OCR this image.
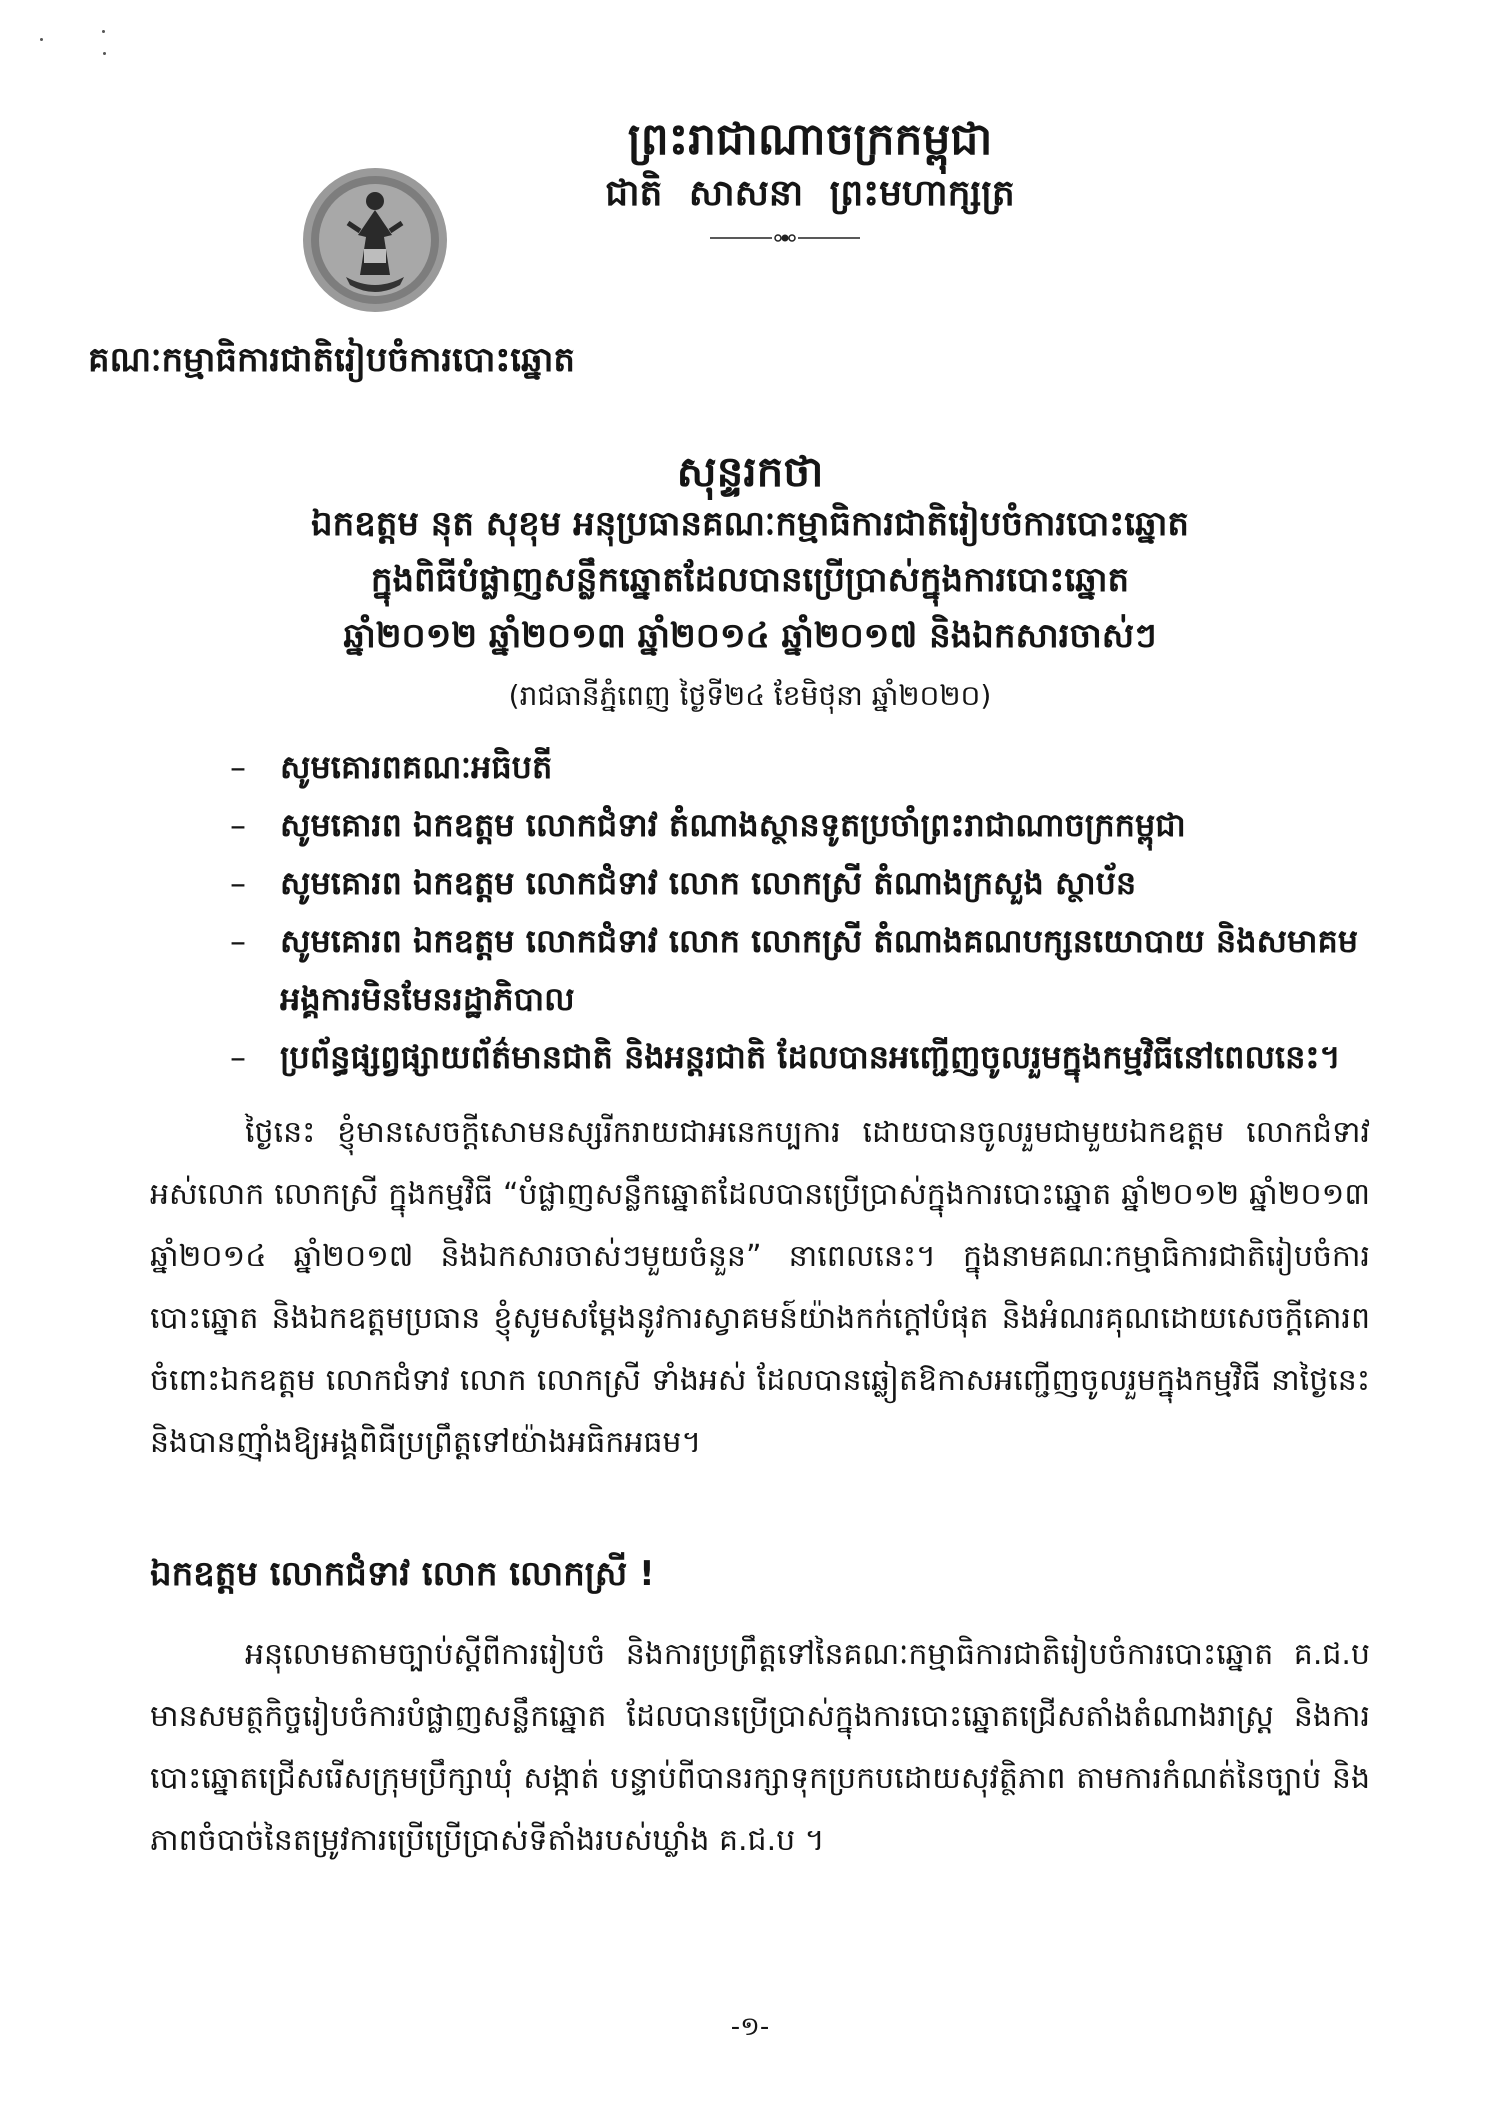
ព្រះរាជាណាចក្រកម្ពុជា
ជាតិ សាសនា ព្រះមហាក្សត្រ
គណៈកម្មាធិការជាតិរៀបចំការបោះឆ្នោត
សុន្ទរកថា
ឯកឧត្តម នុត សុខុម អនុប្រធានគណៈកម្មាធិការជាតិរៀបចំការបោះឆ្នោត
ក្នុងពិធីបំផ្លាញសន្លឹកឆ្នោតដែលបានប្រើប្រាស់ក្នុងការបោះឆ្នោត
ឆ្នាំ២០១២ ឆ្នាំ២០១៣ ឆ្នាំ២០១៤ ឆ្នាំ២០១៧ និងឯកសារចាស់ៗ
(រាជធានីភ្នំពេញ ថ្ងៃទី២៤ ខែមិថុនា ឆ្នាំ២០២០)
– សូមគោរពគណៈអធិបតី
– សូមគោរព ឯកឧត្តម លោកជំទាវ តំណាងស្ថានទូតប្រចាំព្រះរាជាណាចក្រកម្ពុជា
– សូមគោរព ឯកឧត្តម លោកជំទាវ លោក លោកស្រី តំណាងក្រសួង ស្ថាប័ន
– សូមគោរព ឯកឧត្តម លោកជំទាវ លោក លោកស្រី តំណាងគណបក្សនយោបាយ និងសមាគម អង្គការមិនមែនរដ្ឋាភិបាល
– ប្រព័ន្ធផ្សព្វផ្សាយព័ត៌មានជាតិ និងអន្តរជាតិ ដែលបានអញ្ជើញចូលរួមក្នុងកម្មវិធីនៅពេលនេះ។

ថ្ងៃនេះ ខ្ញុំមានសេចក្តីសោមនស្សរីករាយជាអនេកប្បការ ដោយបានចូលរួមជាមួយឯកឧត្តម លោកជំទាវ អស់លោក លោកស្រី ក្នុងកម្មវិធី “បំផ្លាញសន្លឹកឆ្នោតដែលបានប្រើប្រាស់ក្នុងការបោះឆ្នោត ឆ្នាំ២០១២ ឆ្នាំ២០១៣ ឆ្នាំ២០១៤ ឆ្នាំ២០១៧ និងឯកសារចាស់ៗមួយចំនួន” នាពេលនេះ។ ក្នុងនាមគណៈកម្មាធិការជាតិរៀបចំការបោះឆ្នោត និងឯកឧត្តមប្រធាន ខ្ញុំសូមសម្តែងនូវការស្វាគមន៍យ៉ាងកក់ក្តៅបំផុត និងអំណរគុណដោយសេចក្តីគោរព ចំពោះឯកឧត្តម លោកជំទាវ លោក លោកស្រី ទាំងអស់ ដែលបានឆ្លៀតឱកាសអញ្ជើញចូលរួមក្នុងកម្មវិធី នាថ្ងៃនេះ និងបានញ៉ាំងឱ្យអង្គពិធីប្រព្រឹត្តទៅយ៉ាងអធិកអធម។

ឯកឧត្តម លោកជំទាវ លោក លោកស្រី !

អនុលោមតាមច្បាប់ស្តីពីការរៀបចំ និងការប្រព្រឹត្តទៅនៃគណៈកម្មាធិការជាតិរៀបចំការបោះឆ្នោត គ.ជ.ប មានសមត្ថកិច្ចរៀបចំការបំផ្លាញសន្លឹកឆ្នោត ដែលបានប្រើប្រាស់ក្នុងការបោះឆ្នោតជ្រើសតាំងតំណាងរាស្ត្រ និងការបោះឆ្នោតជ្រើសរើសក្រុមប្រឹក្សាឃុំ សង្កាត់ បន្ទាប់ពីបានរក្សាទុកប្រកបដោយសុវត្ថិភាព តាមការកំណត់នៃច្បាប់ និងភាពចំបាច់នៃតម្រូវការប្រើប្រើប្រាស់ទីតាំងរបស់ឃ្លាំង គ.ជ.ប ។

-១-
